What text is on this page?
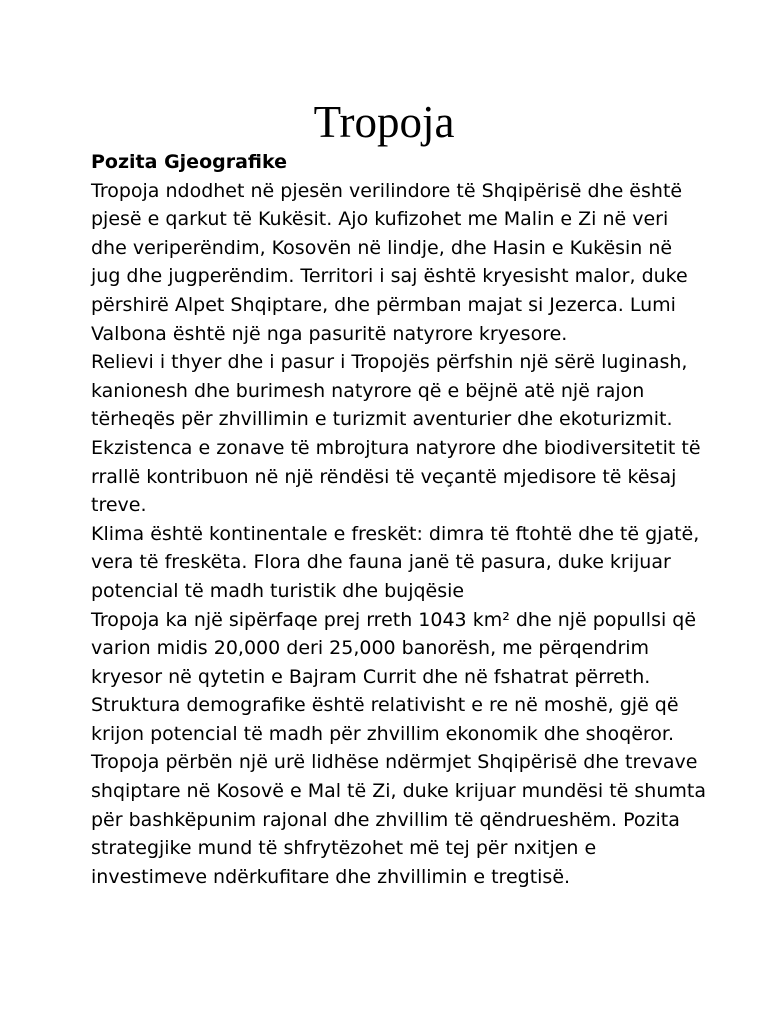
Tropoja

Pozita Gjeografike

Tropoja ndodhet në pjesën verilindore të Shqipërisë dhe është
pjesë e qarkut të Kukësit. Ajo kufizohet me Malin e Zi në veri
dhe veriperëndim, Kosovën në lindje, dhe Hasin e Kukësin në
jug dhe jugperëndim. Territori i saj është kryesisht malor, duke
përshirë Alpet Shqiptare, dhe përmban majat si Jezerca. Lumi
Valbona është një nga pasuritë natyrore kryesore.
Relievi i thyer dhe i pasur i Tropojës përfshin një sërë luginash,
kanionesh dhe burimesh natyrore që e bëjnë atë një rajon
tërheqës për zhvillimin e turizmit aventurier dhe ekoturizmit.
Ekzistenca e zonave të mbrojtura natyrore dhe biodiversitetit të
rrallë kontribuon në një rëndësi të veçantë mjedisore të kësaj
treve.
Klima është kontinentale e freskët: dimra të ftohtë dhe të gjatë,
vera të freskëta. Flora dhe fauna janë të pasura, duke krijuar
potencial të madh turistik dhe bujqësie
Tropoja ka një sipërfaqe prej rreth 1043 km² dhe një popullsi që
varion midis 20,000 deri 25,000 banorësh, me përqendrim
kryesor në qytetin e Bajram Currit dhe në fshatrat përreth.
Struktura demografike është relativisht e re në moshë, gjë që
krijon potencial të madh për zhvillim ekonomik dhe shoqëror.
Tropoja përbën një urë lidhëse ndërmjet Shqipërisë dhe trevave
shqiptare në Kosovë e Mal të Zi, duke krijuar mundësi të shumta
për bashkëpunim rajonal dhe zhvillim të qëndrueshëm. Pozita
strategjike mund të shfrytëzohet më tej për nxitjen e
investimeve ndërkufitare dhe zhvillimin e tregtisë.
